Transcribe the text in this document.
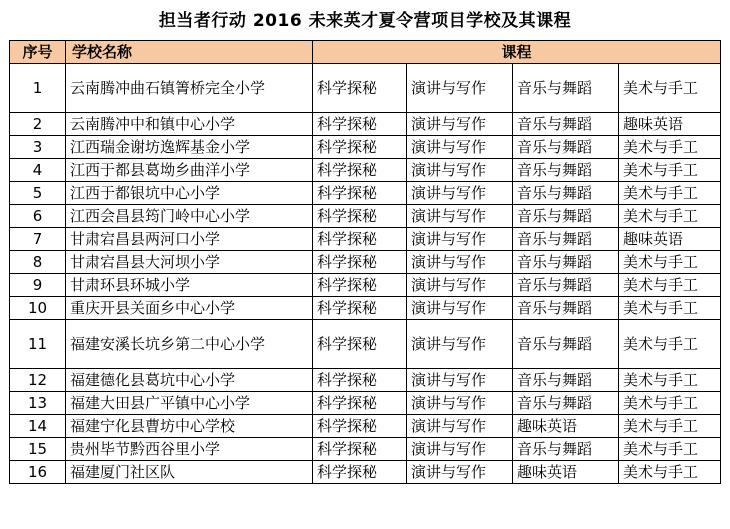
担当者行动 2016 未来英才夏令营项目学校及其课程
序号	学校名称	课程			
1	云南腾冲曲石镇箐桥完全小学	科学探秘	演讲与写作	音乐与舞蹈	美术与手工
2	云南腾冲中和镇中心小学	科学探秘	演讲与写作	音乐与舞蹈	趣味英语
3	江西瑞金谢坊逸辉基金小学	科学探秘	演讲与写作	音乐与舞蹈	美术与手工
4	江西于都县葛坳乡曲洋小学	科学探秘	演讲与写作	音乐与舞蹈	美术与手工
5	江西于都银坑中心小学	科学探秘	演讲与写作	音乐与舞蹈	美术与手工
6	江西会昌县筠门岭中心小学	科学探秘	演讲与写作	音乐与舞蹈	美术与手工
7	甘肃宕昌县两河口小学	科学探秘	演讲与写作	音乐与舞蹈	趣味英语
8	甘肃宕昌县大河坝小学	科学探秘	演讲与写作	音乐与舞蹈	美术与手工
9	甘肃环县环城小学	科学探秘	演讲与写作	音乐与舞蹈	美术与手工
10	重庆开县关面乡中心小学	科学探秘	演讲与写作	音乐与舞蹈	美术与手工
11	福建安溪长坑乡第二中心小学	科学探秘	演讲与写作	音乐与舞蹈	美术与手工
12	福建德化县葛坑中心小学	科学探秘	演讲与写作	音乐与舞蹈	美术与手工
13	福建大田县广平镇中心小学	科学探秘	演讲与写作	音乐与舞蹈	美术与手工
14	福建宁化县曹坊中心学校	科学探秘	演讲与写作	趣味英语	美术与手工
15	贵州毕节黔西谷里小学	科学探秘	演讲与写作	音乐与舞蹈	美术与手工
16	福建厦门社区队	科学探秘	演讲与写作	趣味英语	美术与手工
